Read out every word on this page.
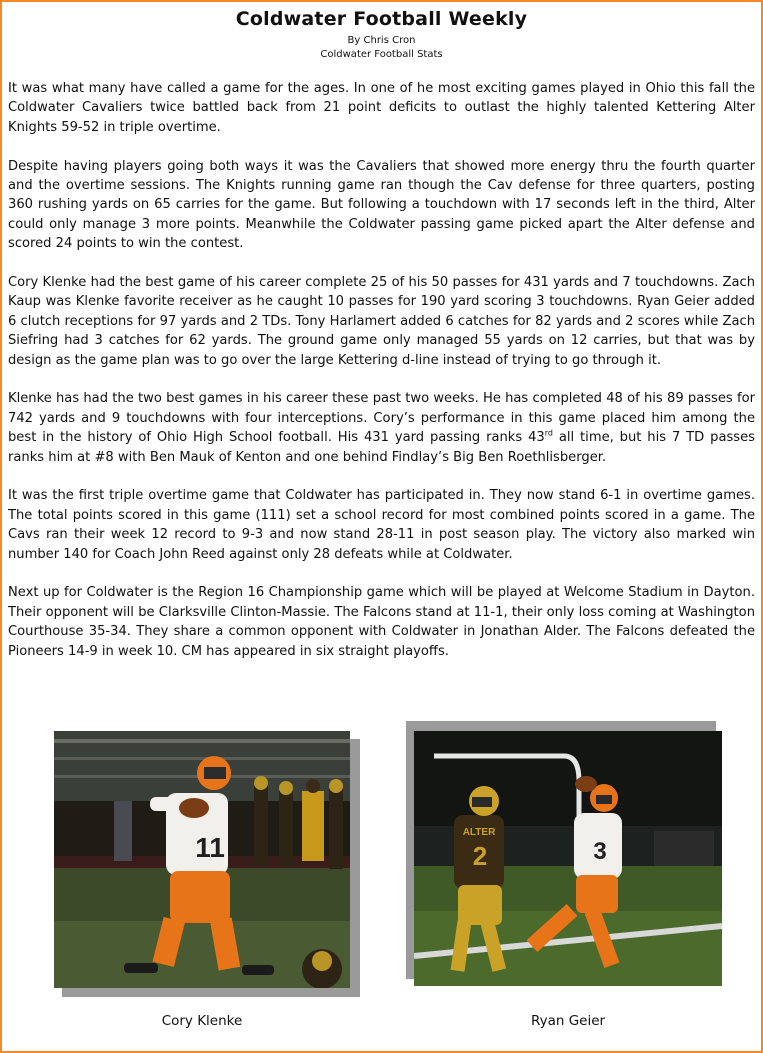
Coldwater Football Weekly
By Chris Cron
Coldwater Football Stats

It was what many have called a game for the ages. In one of he most exciting games played in Ohio this fall the Coldwater Cavaliers twice battled back from 21 point deficits to outlast the highly talented Kettering Alter Knights 59-52 in triple overtime.

Despite having players going both ways it was the Cavaliers that showed more energy thru the fourth quarter and the overtime sessions. The Knights running game ran though the Cav defense for three quarters, posting 360 rushing yards on 65 carries for the game. But following a touchdown with 17 seconds left in the third, Alter could only manage 3 more points. Meanwhile the Coldwater passing game picked apart the Alter defense and scored 24 points to win the contest.

Cory Klenke had the best game of his career complete 25 of his 50 passes for 431 yards and 7 touchdowns. Zach Kaup was Klenke favorite receiver as he caught 10 passes for 190 yard scoring 3 touchdowns. Ryan Geier added 6 clutch receptions for 97 yards and 2 TDs. Tony Harlamert added 6 catches for 82 yards and 2 scores while Zach Siefring had 3 catches for 62 yards. The ground game only managed 55 yards on 12 carries, but that was by design as the game plan was to go over the large Kettering d-line instead of trying to go through it.

Klenke has had the two best games in his career these past two weeks. He has completed 48 of his 89 passes for 742 yards and 9 touchdowns with four interceptions. Cory’s performance in this game placed him among the best in the history of Ohio High School football. His 431 yard passing ranks 43rd all time, but his 7 TD passes ranks him at #8 with Ben Mauk of Kenton and one behind Findlay’s Big Ben Roethlisberger.

It was the first triple overtime game that Coldwater has participated in. They now stand 6-1 in overtime games. The total points scored in this game (111) set a school record for most combined points scored in a game. The Cavs ran their week 12 record to 9-3 and now stand 28-11 in post season play. The victory also marked win number 140 for Coach John Reed against only 28 defeats while at Coldwater.

Next up for Coldwater is the Region 16 Championship game which will be played at Welcome Stadium in Dayton. Their opponent will be Clarksville Clinton-Massie. The Falcons stand at 11-1, their only loss coming at Washington Courthouse 35-34. They share a common opponent with Coldwater in Jonathan Alder. The Falcons defeated the Pioneers 14-9 in week 10. CM has appeared in six straight playoffs.

11
Cory Klenke
ALTER
2	3
Ryan Geier
